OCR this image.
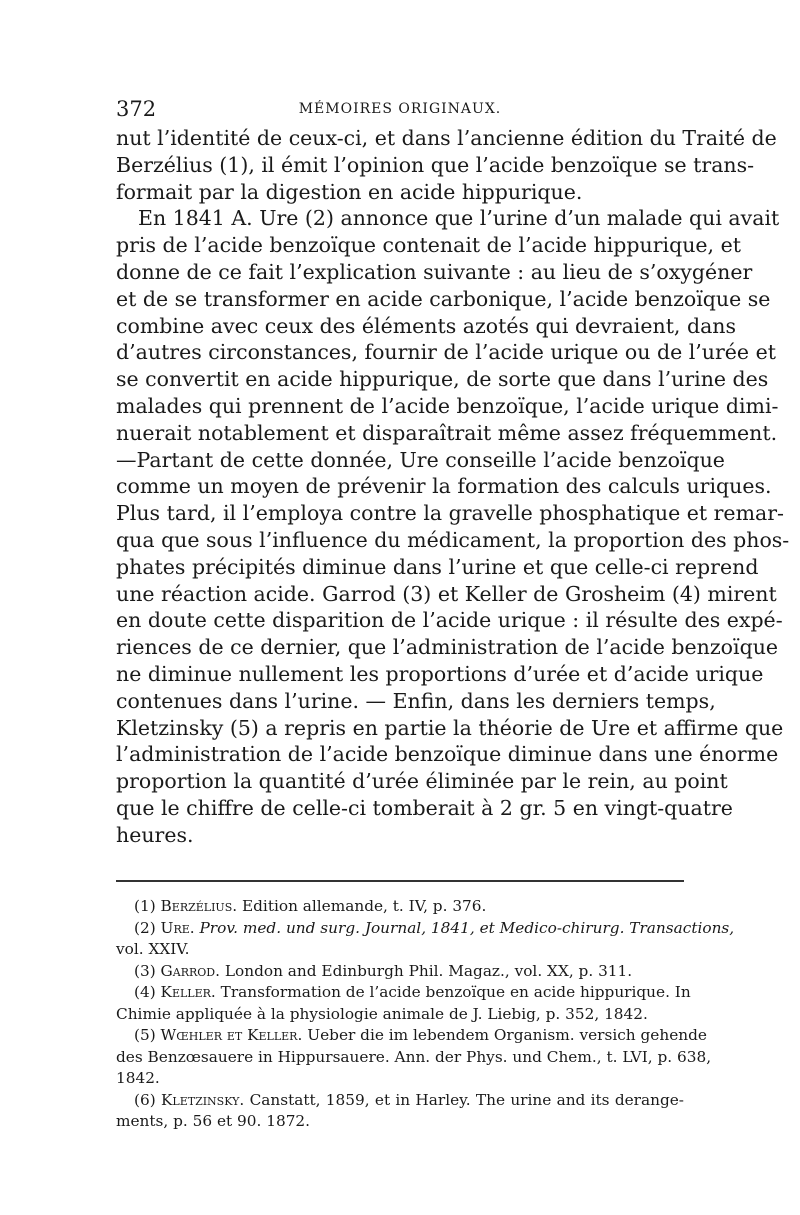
372	MÉMOIRES ORIGINAUX.
nut l’identité de ceux-ci, et dans l’ancienne édition du Traité de
Berzélius (1), il émit l’opinion que l’acide benzoïque se trans-
formait par la digestion en acide hippurique.
En 1841 A. Ure (2) annonce que l’urine d’un malade qui avait
pris de l’acide benzoïque contenait de l’acide hippurique, et
donne de ce fait l’explication suivante : au lieu de s’oxygéner
et de se transformer en acide carbonique, l’acide benzoïque se
combine avec ceux des éléments azotés qui devraient, dans
d’autres circonstances, fournir de l’acide urique ou de l’urée et
se convertit en acide hippurique, de sorte que dans l’urine des
malades qui prennent de l’acide benzoïque, l’acide urique dimi-
nuerait notablement et disparaîtrait même assez fréquemment.
—Partant de cette donnée, Ure conseille l’acide benzoïque
comme un moyen de prévenir la formation des calculs uriques.
Plus tard, il l’employa contre la gravelle phosphatique et remar-
qua que sous l’influence du médicament, la proportion des phos-
phates précipités diminue dans l’urine et que celle-ci reprend
une réaction acide. Garrod (3) et Keller de Grosheim (4) mirent
en doute cette disparition de l’acide urique : il résulte des expé-
riences de ce dernier, que l’administration de l’acide benzoïque
ne diminue nullement les proportions d’urée et d’acide urique
contenues dans l’urine. — Enfin, dans les derniers temps,
Kletzinsky (5) a repris en partie la théorie de Ure et affirme que
l’administration de l’acide benzoïque diminue dans une énorme
proportion la quantité d’urée éliminée par le rein, au point
que le chiffre de celle-ci tomberait à 2 gr. 5 en vingt-quatre
heures.
(1) Berzélius. Edition allemande, t. IV, p. 376.
(2) Ure. Prov. med. und surg. Journal, 1841, et Medico-chirurg. Transactions,
vol. XXIV.
(3) Garrod. London and Edinburgh Phil. Magaz., vol. XX, p. 311.
(4) Keller. Transformation de l’acide benzoïque en acide hippurique. In
Chimie appliquée à la physiologie animale de J. Liebig, p. 352, 1842.
(5) Wœhler et Keller. Ueber die im lebendem Organism. versich gehende
des Benzœsauere in Hippursauere. Ann. der Phys. und Chem., t. LVI, p. 638,
1842.
(6) Kletzinsky. Canstatt, 1859, et in Harley. The urine and its derange-
ments, p. 56 et 90. 1872.
